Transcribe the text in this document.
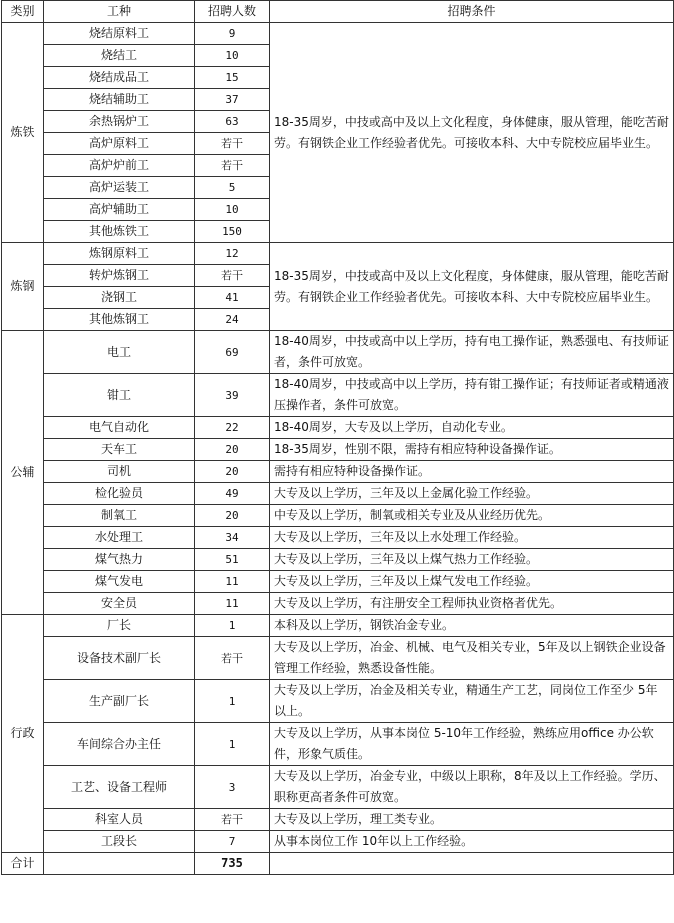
类别	工种	招聘人数	招聘条件
炼铁	烧结原料工	9	18-35周岁，中技或高中及以上文化程度，身体健康，服从管理，能吃苦耐劳。有钢铁企业工作经验者优先。可接收本科、大中专院校应届毕业生。
	烧结工	10	
	烧结成品工	15	
	烧结辅助工	37	
	余热锅炉工	63	
	高炉原料工	若干	
	高炉炉前工	若干	
	高炉运装工	5	
	高炉辅助工	10	
	其他炼铁工	150	
炼钢	炼钢原料工	12	18-35周岁，中技或高中及以上文化程度，身体健康，服从管理，能吃苦耐劳。有钢铁企业工作经验者优先。可接收本科、大中专院校应届毕业生。
	转炉炼钢工	若干	
	浇钢工	41	
	其他炼钢工	24	
公辅	电工	69	18-40周岁，中技或高中以上学历，持有电工操作证，熟悉强电、有技师证者，条件可放宽。
	钳工	39	18-40周岁，中技或高中以上学历，持有钳工操作证；有技师证者或精通液压操作者，条件可放宽。
	电气自动化	22	18-40周岁，大专及以上学历，自动化专业。
	天车工	20	18-35周岁，性别不限，需持有相应特种设备操作证。
	司机	20	需持有相应特种设备操作证。
	检化验员	49	大专及以上学历，三年及以上金属化验工作经验。
	制氧工	20	中专及以上学历，制氧或相关专业及从业经历优先。
	水处理工	34	大专及以上学历，三年及以上水处理工作经验。
	煤气热力	51	大专及以上学历，三年及以上煤气热力工作经验。
	煤气发电	11	大专及以上学历，三年及以上煤气发电工作经验。
	安全员	11	大专及以上学历，有注册安全工程师执业资格者优先。
行政	厂长	1	本科及以上学历，钢铁冶金专业。
	设备技术副厂长	若干	大专及以上学历，冶金、机械、电气及相关专业，5年及以上钢铁企业设备管理工作经验，熟悉设备性能。
	生产副厂长	1	大专及以上学历，冶金及相关专业，精通生产工艺，同岗位工作至少 5年以上。
	车间综合办主任	1	大专及以上学历，从事本岗位 5-10年工作经验，熟练应用office 办公软件，形象气质佳。
	工艺、设备工程师	3	大专及以上学历，冶金专业，中级以上职称，8年及以上工作经验。学历、职称更高者条件可放宽。
	科室人员	若干	大专及以上学历，理工类专业。
	工段长	7	从事本岗位工作 10年以上工作经验。
合计		735	
